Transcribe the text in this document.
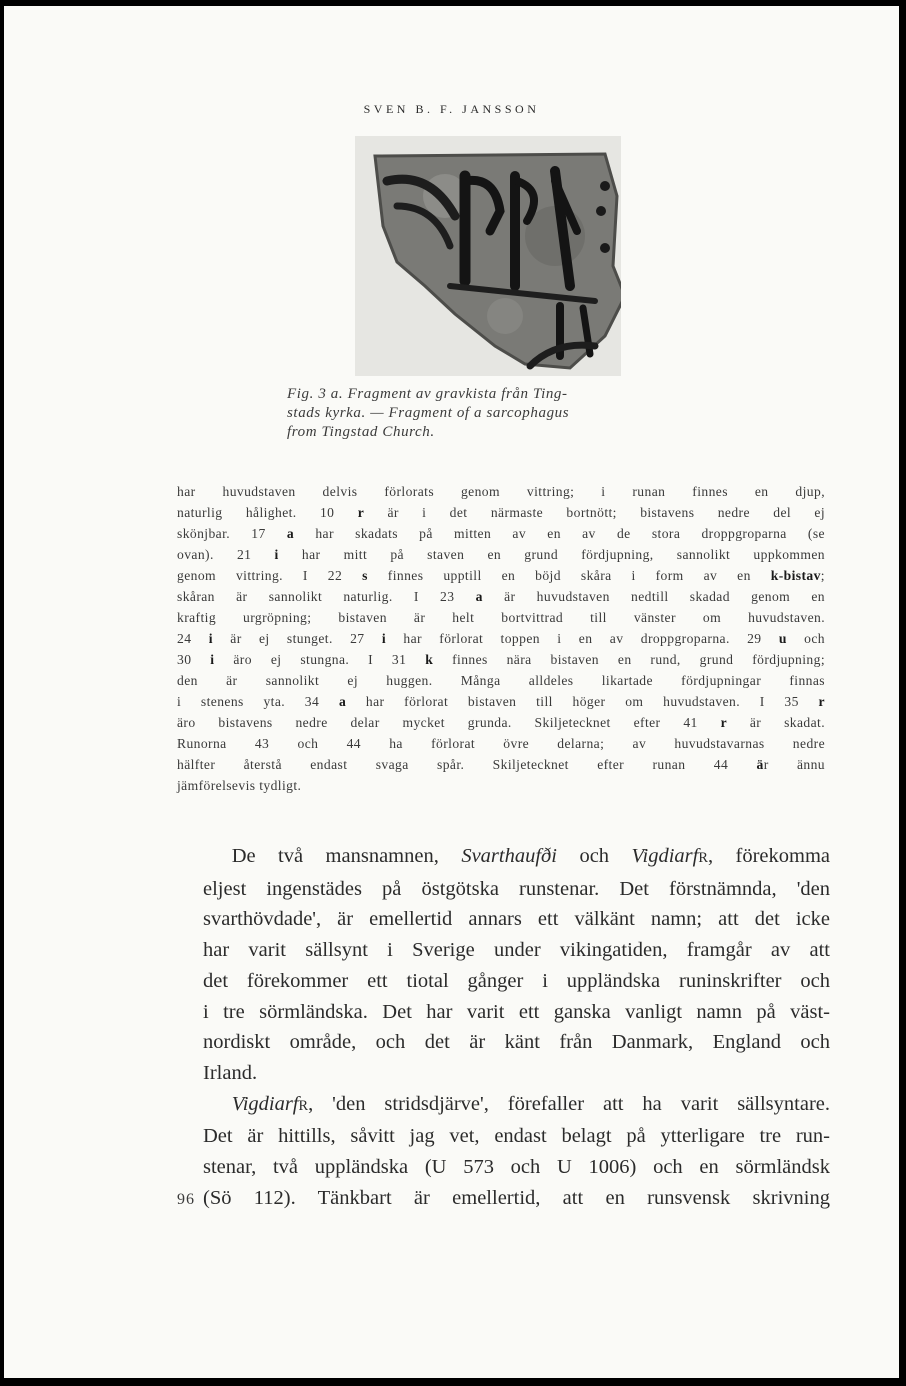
SVEN B. F. JANSSON
Fig. 3 a. Fragment av gravkista från Ting-
stads kyrka. — Fragment of a sarcophagus
from Tingstad Church.
har huvudstaven delvis förlorats genom vittring; i runan finnes en djup,
naturlig hålighet. 10 r är i det närmaste bortnött; bistavens nedre del ej
skönjbar. 17 a har skadats på mitten av en av de stora droppgroparna (se
ovan). 21 i har mitt på staven en grund fördjupning, sannolikt uppkommen
genom vittring. I 22 s finnes upptill en böjd skåra i form av en k-bistav;
skåran är sannolikt naturlig. I 23 a är huvudstaven nedtill skadad genom en
kraftig urgröpning; bistaven är helt bortvittrad till vänster om huvudstaven.
24 i är ej stunget. 27 i har förlorat toppen i en av droppgroparna. 29 u och
30 i äro ej stungna. I 31 k finnes nära bistaven en rund, grund fördjupning;
den är sannolikt ej huggen. Många alldeles likartade fördjupningar finnas
i stenens yta. 34 a har förlorat bistaven till höger om huvudstaven. I 35 r
äro bistavens nedre delar mycket grunda. Skiljetecknet efter 41 r är skadat.
Runorna 43 och 44 ha förlorat övre delarna; av huvudstavarnas nedre
hälfter återstå endast svaga spår. Skiljetecknet efter runan 44 är ännu
jämförelsevis tydligt.
De två mansnamnen, Svarthaufði och VigdiarfR, förekomma
eljest ingenstädes på östgötska runstenar. Det förstnämnda, 'den
svarthövdade', är emellertid annars ett välkänt namn; att det icke
har varit sällsynt i Sverige under vikingatiden, framgår av att
det förekommer ett tiotal gånger i uppländska runinskrifter och
i tre sörmländska. Det har varit ett ganska vanligt namn på väst-
nordiskt område, och det är känt från Danmark, England och
Irland.
VigdiarfR, 'den stridsdjärve', förefaller att ha varit sällsyntare.
Det är hittills, såvitt jag vet, endast belagt på ytterligare tre run-
stenar, två uppländska (U 573 och U 1006) och en sörmländsk
(Sö 112). Tänkbart är emellertid, att en runsvensk skrivning
96
